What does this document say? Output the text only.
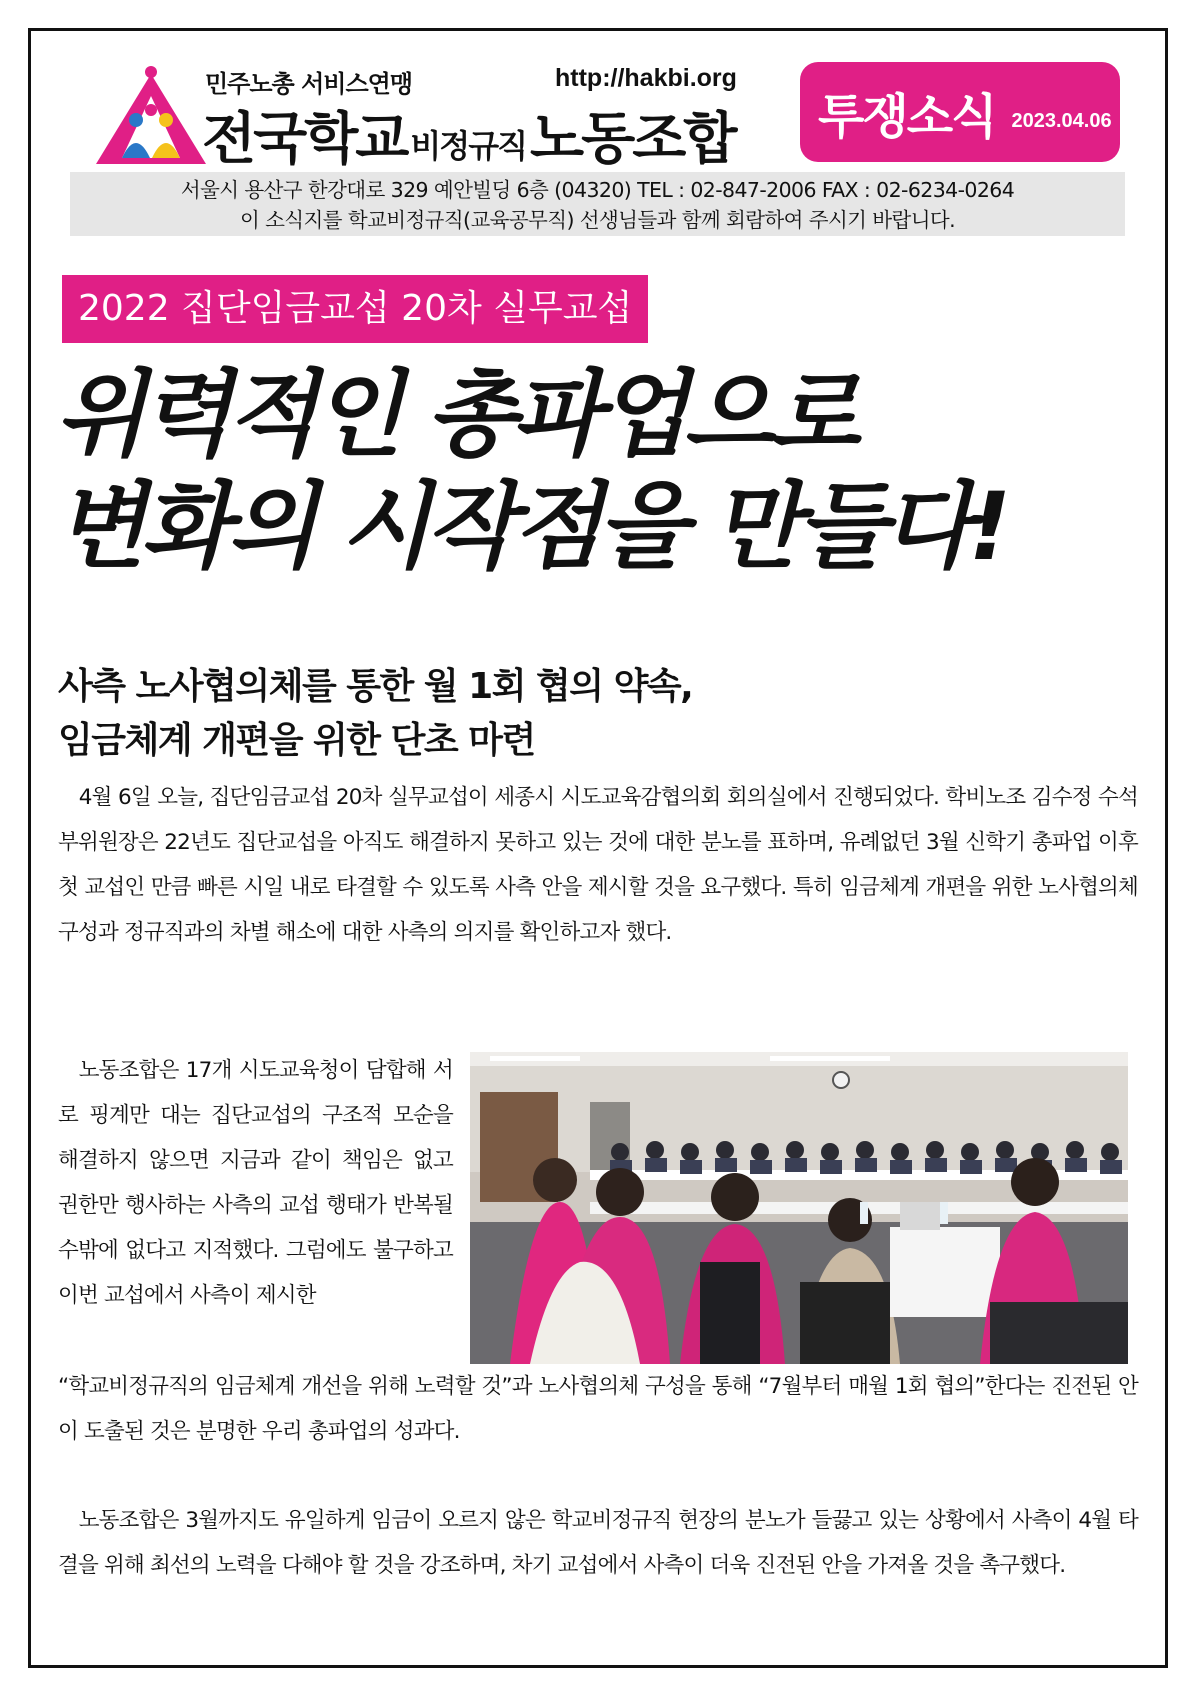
민주노총 서비스연맹	http://hakbi.org
전국학교 비정규직 노동조합 투쟁소식 2023.04.06
서울시 용산구 한강대로 329 예안빌딩 6층 (04320) TEL : 02-847-2006 FAX : 02-6234-0264
이 소식지를 학교비정규직(교육공무직) 선생님들과 함께 회람하여 주시기 바랍니다.
2022 집단임금교섭 20차 실무교섭
위력적인 총파업으로
변화의 시작점을 만들다!
사측 노사협의체를 통한 월 1회 협의 약속,
임금체계 개편을 위한 단초 마련
 4월 6일 오늘, 집단임금교섭 20차 실무교섭이 세종시 시도교육감협의회 회의실에서 진행되었다. 학비노조 김수정 수석부위원장은 22년도 집단교섭을 아직도 해결하지 못하고 있는 것에 대한 분노를 표하며, 유례없던 3월 신학기 총파업 이후 첫 교섭인 만큼 빠른 시일 내로 타결할 수 있도록 사측 안을 제시할 것을 요구했다. 특히 임금체계 개편을 위한 노사협의체 구성과 정규직과의 차별 해소에 대한 사측의 의지를 확인하고자 했다.
 노동조합은 17개 시도교육청이 담합해 서로 핑계만 대는 집단교섭의 구조적 모순을 해결하지 않으면 지금과 같이 책임은 없고 권한만 행사하는 사측의 교섭 행태가 반복될 수밖에 없다고 지적했다. 그럼에도 불구하고 이번 교섭에서 사측이 제시한
“학교비정규직의 임금체계 개선을 위해 노력할 것”과 노사협의체 구성을 통해 “7월부터 매월 1회 협의”한다는 진전된 안이 도출된 것은 분명한 우리 총파업의 성과다.
 노동조합은 3월까지도 유일하게 임금이 오르지 않은 학교비정규직 현장의 분노가 들끓고 있는 상황에서 사측이 4월 타결을 위해 최선의 노력을 다해야 할 것을 강조하며, 차기 교섭에서 사측이 더욱 진전된 안을 가져올 것을 촉구했다.
